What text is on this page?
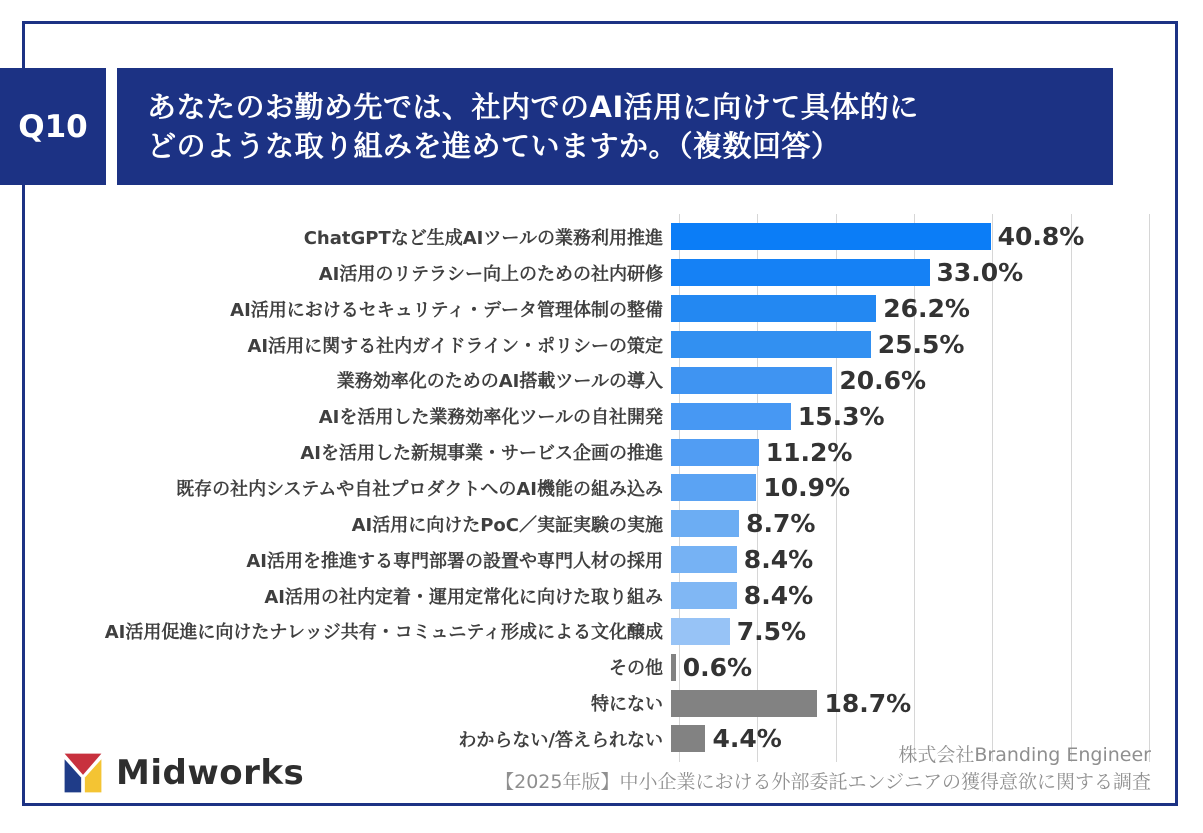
Q10
あなたのお勤め先では、社内でのAI活用に向けて具体的に
どのような取り組みを進めていますか。（複数回答）
ChatGPTなど生成AIツールの業務利用推進	40.8%
AI活用のリテラシー向上のための社内研修	33.0%
AI活用におけるセキュリティ・データ管理体制の整備	26.2%
AI活用に関する社内ガイドライン・ポリシーの策定	25.5%
業務効率化のためのAI搭載ツールの導入	20.6%
AIを活用した業務効率化ツールの自社開発	15.3%
AIを活用した新規事業・サービス企画の推進	11.2%
既存の社内システムや自社プロダクトへのAI機能の組み込み	10.9%
AI活用に向けたPoC／実証実験の実施	8.7%
AI活用を推進する専門部署の設置や専門人材の採用	8.4%
AI活用の社内定着・運用定常化に向けた取り組み	8.4%
AI活用促進に向けたナレッジ共有・コミュニティ形成による文化醸成	7.5%
その他 0.6%
特にない	18.7%
わからない/答えられない	4.4%
Midworks	株式会社Branding Engineer
【2025年版】中小企業における外部委託エンジニアの獲得意欲に関する調査
